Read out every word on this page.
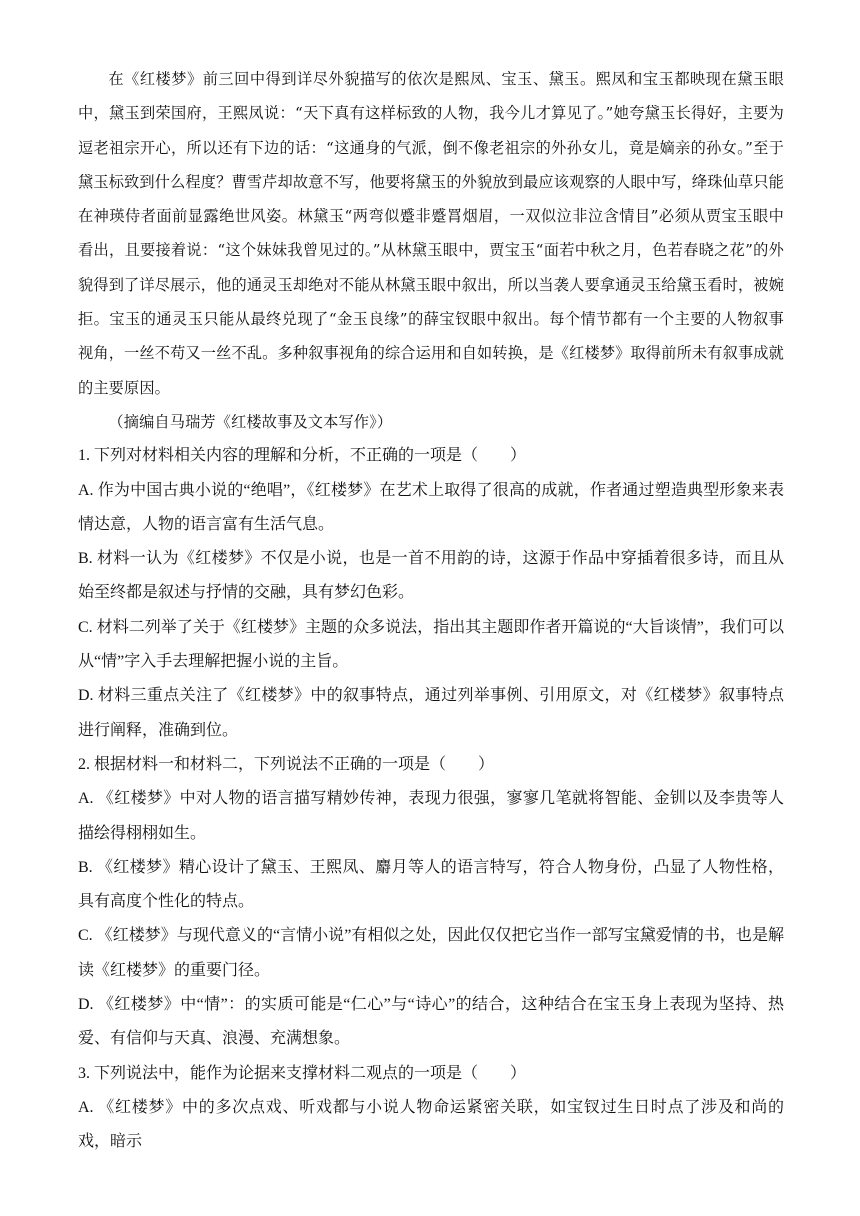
在《红楼梦》前三回中得到详尽外貌描写的依次是熙凤、宝玉、黛玉。熙凤和宝玉都映现在黛玉眼中，黛玉到荣国府，王熙凤说：“天下真有这样标致的人物，我今儿才算见了。”她夸黛玉长得好，主要为逗老祖宗开心，所以还有下边的话：“这通身的气派，倒不像老祖宗的外孙女儿，竟是嫡亲的孙女。”至于黛玉标致到什么程度？曹雪芹却故意不写，他要将黛玉的外貌放到最应该观察的人眼中写，绛珠仙草只能在神瑛侍者面前显露绝世风姿。林黛玉“两弯似蹙非蹙罥烟眉，一双似泣非泣含情目”必须从贾宝玉眼中看出，且要接着说：“这个妹妹我曾见过的。”从林黛玉眼中，贾宝玉“面若中秋之月，色若春晓之花”的外貌得到了详尽展示，他的通灵玉却绝对不能从林黛玉眼中叙出，所以当袭人要拿通灵玉给黛玉看时，被婉拒。宝玉的通灵玉只能从最终兑现了“金玉良缘”的薛宝钗眼中叙出。每个情节都有一个主要的人物叙事视角，一丝不苟又一丝不乱。多种叙事视角的综合运用和自如转换，是《红楼梦》取得前所未有叙事成就的主要原因。

（摘编自马瑞芳《红楼故事及文本写作》）

1. 下列对材料相关内容的理解和分析，不正确的一项是（　　）

A. 作为中国古典小说的“绝唱”，《红楼梦》在艺术上取得了很高的成就，作者通过塑造典型形象来表情达意，人物的语言富有生活气息。

B. 材料一认为《红楼梦》不仅是小说，也是一首不用韵的诗，这源于作品中穿插着很多诗，而且从始至终都是叙述与抒情的交融，具有梦幻色彩。

C. 材料二列举了关于《红楼梦》主题的众多说法，指出其主题即作者开篇说的“大旨谈情”，我们可以从“情”字入手去理解把握小说的主旨。

D. 材料三重点关注了《红楼梦》中的叙事特点，通过列举事例、引用原文，对《红楼梦》叙事特点进行阐释，准确到位。

2. 根据材料一和材料二，下列说法不正确的一项是（　　）

A. 《红楼梦》中对人物的语言描写精妙传神，表现力很强，寥寥几笔就将智能、金钏以及李贵等人描绘得栩栩如生。

B. 《红楼梦》精心设计了黛玉、王熙凤、麝月等人的语言特写，符合人物身份，凸显了人物性格，具有高度个性化的特点。

C. 《红楼梦》与现代意义的“言情小说”有相似之处，因此仅仅把它当作一部写宝黛爱情的书，也是解读《红楼梦》的重要门径。

D. 《红楼梦》中“情”：的实质可能是“仁心”与“诗心”的结合，这种结合在宝玉身上表现为坚持、热爱、有信仰与天真、浪漫、充满想象。

3. 下列说法中，能作为论据来支撑材料二观点的一项是（　　）

A. 《红楼梦》中的多次点戏、听戏都与小说人物命运紧密关联，如宝钗过生日时点了涉及和尚的戏，暗示
